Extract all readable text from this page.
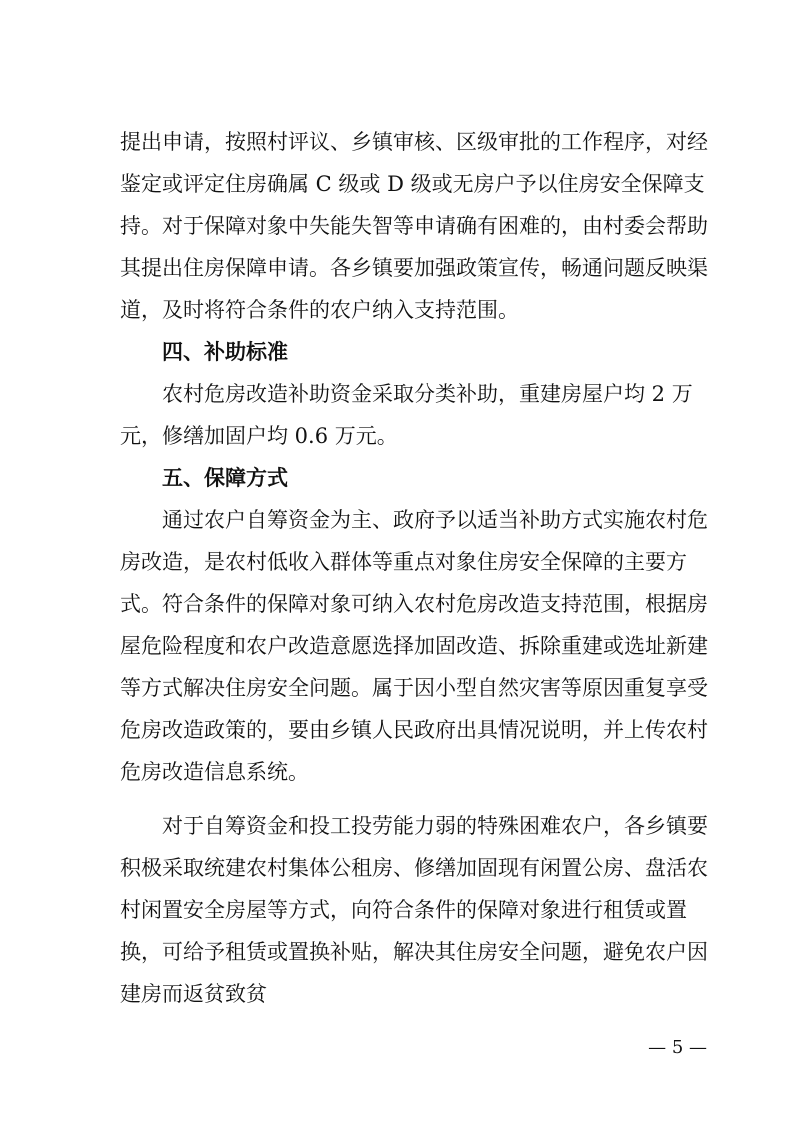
提出申请，按照村评议、乡镇审核、区级审批的工作程序，对经
鉴定或评定住房确属 C 级或 D 级或无房户予以住房安全保障支
持。对于保障对象中失能失智等申请确有困难的，由村委会帮助
其提出住房保障申请。各乡镇要加强政策宣传，畅通问题反映渠
道，及时将符合条件的农户纳入支持范围。
四、补助标准
农村危房改造补助资金采取分类补助，重建房屋户均 2 万
元，修缮加固户均 0.6 万元。
五、保障方式
通过农户自筹资金为主、政府予以适当补助方式实施农村危
房改造，是农村低收入群体等重点对象住房安全保障的主要方
式。符合条件的保障对象可纳入农村危房改造支持范围，根据房
屋危险程度和农户改造意愿选择加固改造、拆除重建或选址新建
等方式解决住房安全问题。属于因小型自然灾害等原因重复享受
危房改造政策的，要由乡镇人民政府出具情况说明，并上传农村
危房改造信息系统。
对于自筹资金和投工投劳能力弱的特殊困难农户，各乡镇要
积极采取统建农村集体公租房、修缮加固现有闲置公房、盘活农
村闲置安全房屋等方式，向符合条件的保障对象进行租赁或置
换，可给予租赁或置换补贴，解决其住房安全问题，避免农户因
建房而返贫致贫
— 5 —
